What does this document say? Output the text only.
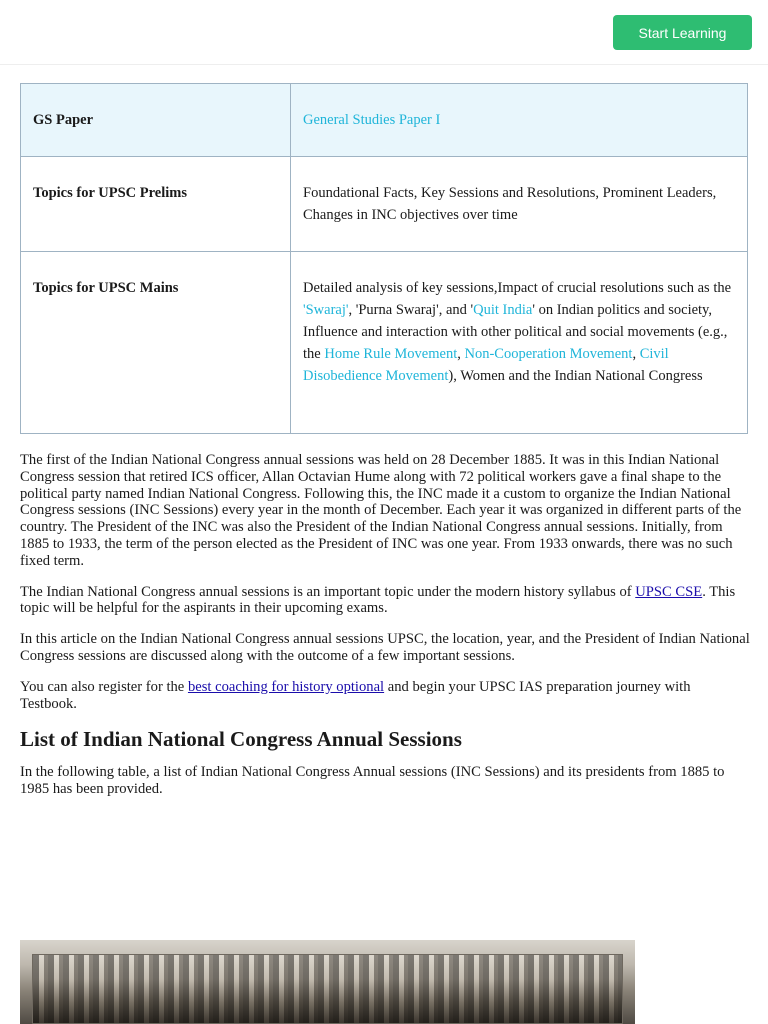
Start Learning
GS Paper	General Studies Paper I
Topics for UPSC Prelims	Foundational Facts, Key Sessions and Resolutions, Prominent Leaders, Changes in INC objectives over time
Topics for UPSC Mains	Detailed analysis of key sessions,Impact of crucial resolutions such as the 'Swaraj', 'Purna Swaraj', and 'Quit India' on Indian politics and society, Influence and interaction with other political and social movements (e.g., the Home Rule Movement, Non-Cooperation Movement, Civil Disobedience Movement), Women and the Indian National Congress

The first of the Indian National Congress annual sessions was held on 28 December 1885. It was in this Indian National Congress session that retired ICS officer, Allan Octavian Hume along with 72 political workers gave a final shape to the political party named Indian National Congress. Following this, the INC made it a custom to organize the Indian National Congress sessions (INC Sessions) every year in the month of December. Each year it was organized in different parts of the country. The President of the INC was also the President of the Indian National Congress annual sessions. Initially, from 1885 to 1933, the term of the person elected as the President of INC was one year. From 1933 onwards, there was no such fixed term.

The Indian National Congress annual sessions is an important topic under the modern history syllabus of UPSC CSE. This topic will be helpful for the aspirants in their upcoming exams.

In this article on the Indian National Congress annual sessions UPSC, the location, year, and the President of Indian National Congress sessions are discussed along with the outcome of a few important sessions.

You can also register for the best coaching for history optional and begin your UPSC IAS preparation journey with Testbook.

List of Indian National Congress Annual Sessions

In the following table, a list of Indian National Congress Annual sessions (INC Sessions) and its presidents from 1885 to 1985 has been provided.
